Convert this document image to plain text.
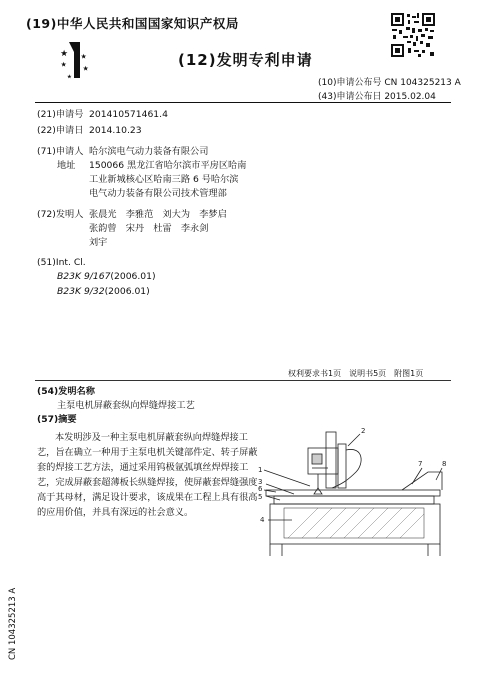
(19)中华人民共和国国家知识产权局
(12)发明专利申请
(10)申请公布号 CN 104325213 A
(43)申请公布日 2015.02.04
(21)申请号 201410571461.4
(22)申请日 2014.10.23
(71)申请人 哈尔滨电气动力装备有限公司
地址 150066 黑龙江省哈尔滨市平房区哈南
工业新城核心区哈南三路 6 号哈尔滨
电气动力装备有限公司技术管理部
(72)发明人 张晨光　李雅范　刘大为　李梦启
张韵曾　宋丹　杜雷　李永剑
刘宇
(51)Int. Cl.
B23K 9/167(2006.01)
B23K 9/32(2006.01)
权利要求书1页　说明书5页　附图1页
(54)发明名称
主泵电机屏蔽套纵向焊缝焊接工艺
(57)摘要
本发明涉及一种主泵电机屏蔽套纵向焊缝焊接工艺，旨在确立一种用于主泵电机关键部件定、转子屏蔽套的焊接工艺方法，通过采用钨极氩弧填丝焊焊接工艺，完成屏蔽套超薄板长纵缝焊接，使屏蔽套焊缝强度高于其母材，满足设计要求，该成果在工程上具有很高的应用价值，并具有深远的社会意义。
1
2
3
4
5
6
7	8
CN 104325213 A
